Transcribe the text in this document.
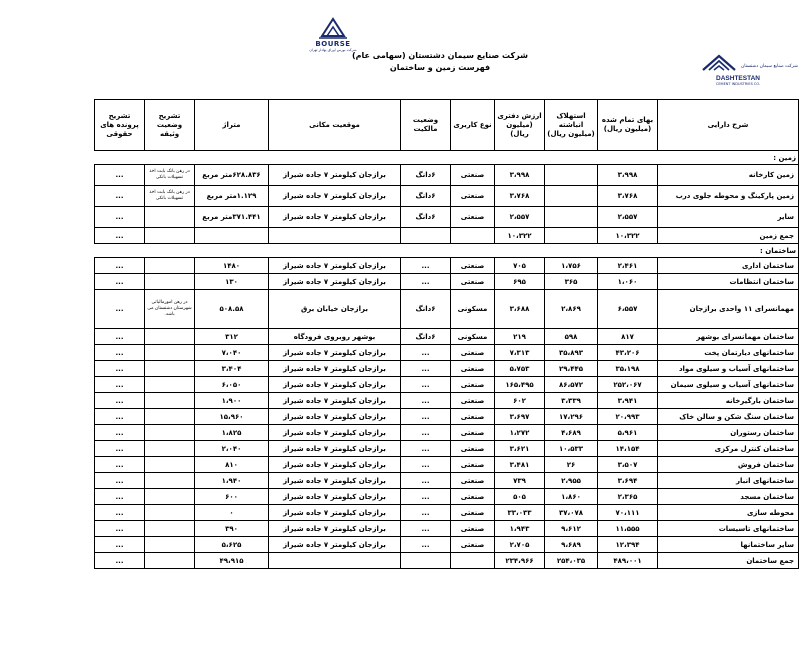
BOURSE
شرکت بورس اوراق بهادار تهران
شرکت صنایع سیمان دشتستان (سهامی عام)
فهرست زمین و ساختمان	شرکت صنایع سیمان دشتستان
DASHTESTAN
CEMENT INDUSTRIES CO.
شرح دارایی	بهای تمام شده (میلیون ریال)	استهلاک انباشته (میلیون ریال)	ارزش دفتری (میلیون ریال)	نوع کاربری	وضعیت مالکیت	موقعیت مکانی	متراژ	تشریح وضعیت وثیقه	تشریح پرونده های حقوقی
زمین :									
زمین کارخانه	۳،۹۹۸		۳،۹۹۸	صنعتی	۶دانگ	برازجان کیلومتر ۷ جاده شیراز	۶۲۸.۸۳۶متر مربع	در رهن بانک بابت اخذ تسهیلات بانکی	...
زمین پارکینگ و محوطه جلوی درب	۳،۷۶۸		۳،۷۶۸	صنعتی	۶دانگ	برازجان کیلومتر ۷ جاده شیراز	۱.۱۲۹متر مربع	در رهن بانک بابت اخذ تسهیلات بانکی	...
سایر	۲،۵۵۷		۲،۵۵۷	صنعتی	۶دانگ	برازجان کیلومتر ۷ جاده شیراز	۳۷۱.۴۴۱متر مربع		...
جمع زمین	۱۰،۳۲۲		۱۰،۳۲۲						...
ساختمان :									
ساختمان اداری	۲،۴۶۱	۱،۷۵۶	۷۰۵	صنعتی	...	برازجان کیلومتر ۷ جاده شیراز	۱۴۸۰		...
ساختمان انتظامات	۱،۰۶۰	۳۶۵	۶۹۵	صنعتی	...	برازجان کیلومتر ۷ جاده شیراز	۱۳۰		...
مهمانسرای ۱۱ واحدی برازجان	۶،۵۵۷	۲،۸۶۹	۳،۶۸۸	مسکونی	۶دانگ	برازجان خیابان برق	۵۰۸.۵۸	در رهن امورمالیاتی شهرستان دشتستان می باشد.	...
ساختمان مهمانسرای بوشهر	۸۱۷	۵۹۸	۲۱۹	مسکونی	۶دانگ	بوشهر روبروی فرودگاه	۳۱۲		...
ساختمانهای دیارتمان پخت	۴۳،۲۰۶	۳۵،۸۹۳	۷،۳۱۳	صنعتی	...	برازجان کیلومتر ۷ جاده شیراز	۷،۰۴۰		...
ساختمانهای آسیاب و سیلوی مواد	۳۵،۱۹۸	۲۹،۴۴۵	۵،۷۵۳	صنعتی	...	برازجان کیلومتر ۷ جاده شیراز	۳،۴۰۴		...
ساختمانهای آسیاب و سیلوی سیمان	۲۵۲،۰۶۷	۸۶،۵۷۲	۱۶۵،۴۹۵	صنعتی	...	برازجان کیلومتر ۷ جاده شیراز	۶،۰۵۰		...
ساختمان بارگیرخانه	۳،۹۴۱	۳،۳۳۹	۶۰۲	صنعتی	...	برازجان کیلومتر ۷ جاده شیراز	۱،۹۰۰		...
ساختمان سنگ شکن و سالن خاک	۲۰،۹۹۳	۱۷،۲۹۶	۳،۶۹۷	صنعتی	...	برازجان کیلومتر ۷ جاده شیراز	۱۵،۹۶۰		...
ساختمان رستوران	۵،۹۶۱	۴،۶۸۹	۱،۲۷۲	صنعتی	...	برازجان کیلومتر ۷ جاده شیراز	۱،۸۲۵		...
ساختمان کنترل مرکزی	۱۴،۱۵۴	۱۰،۵۳۳	۳،۶۲۱	صنعتی	...	برازجان کیلومتر ۷ جاده شیراز	۲،۰۴۰		...
ساختمان فروش	۳،۵۰۷	۲۶	۳،۴۸۱	صنعتی	...	برازجان کیلومتر ۷ جاده شیراز	۸۱۰		...
ساختمانهای انبار	۳،۶۹۴	۲،۹۵۵	۷۳۹	صنعتی	...	برازجان کیلومتر ۷ جاده شیراز	۱،۹۴۰		...
ساختمان مسجد	۲،۳۶۵	۱،۸۶۰	۵۰۵	صنعتی	...	برازجان کیلومتر ۷ جاده شیراز	۶۰۰		...
محوطه سازی	۷۰،۱۱۱	۳۷،۰۷۸	۳۳،۰۳۳	صنعتی	...	برازجان کیلومتر ۷ جاده شیراز	۰		...
ساختمانهای تاسیسات	۱۱،۵۵۵	۹،۶۱۲	۱،۹۴۳	صنعتی	...	برازجان کیلومتر ۷ جاده شیراز	۳۹۰		...
سایر ساختمانها	۱۲،۳۹۴	۹،۶۸۹	۲،۷۰۵	صنعتی	...	برازجان کیلومتر ۷ جاده شیراز	۵،۶۲۵		...
جمع ساختمان	۴۸۹،۰۰۱	۲۵۴،۰۳۵	۲۳۴،۹۶۶				۴۹،۹۱۵		...
